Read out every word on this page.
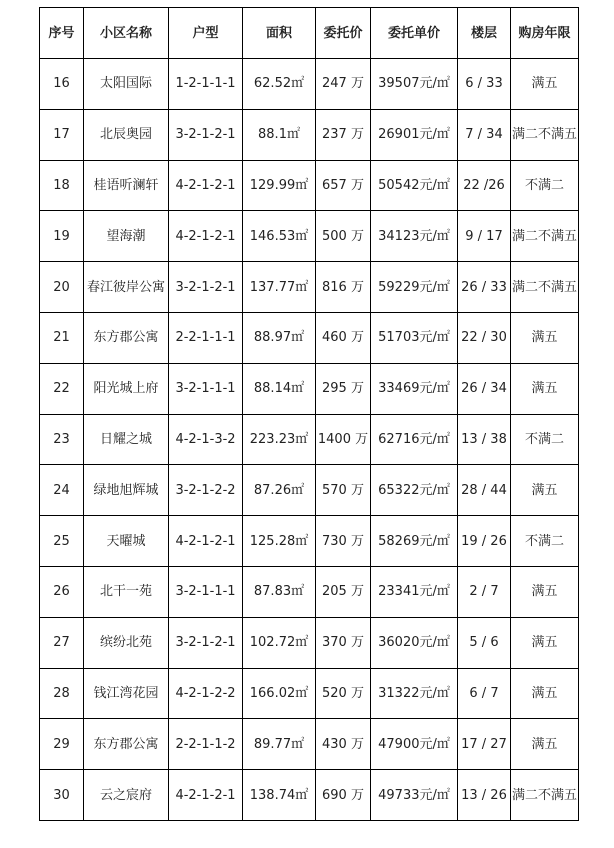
序号	小区名称	户型	面积	委托价	委托单价	楼层	购房年限
16	太阳国际	1-2-1-1-1	62.52㎡	247 万	39507元/㎡	6 / 33	满五
17	北辰奥园	3-2-1-2-1	88.1㎡	237 万	26901元/㎡	7 / 34	满二不满五
18	桂语听澜轩	4-2-1-2-1	129.99㎡	657 万	50542元/㎡	22 /26	不满二
19	望海潮	4-2-1-2-1	146.53㎡	500 万	34123元/㎡	9 / 17	满二不满五
20	春江彼岸公寓	3-2-1-2-1	137.77㎡	816 万	59229元/㎡	26 / 33	满二不满五
21	东方郡公寓	2-2-1-1-1	88.97㎡	460 万	51703元/㎡	22 / 30	满五
22	阳光城上府	3-2-1-1-1	88.14㎡	295 万	33469元/㎡	26 / 34	满五
23	日耀之城	4-2-1-3-2	223.23㎡	1400 万	62716元/㎡	13 / 38	不满二
24	绿地旭辉城	3-2-1-2-2	87.26㎡	570 万	65322元/㎡	28 / 44	满五
25	天曜城	4-2-1-2-1	125.28㎡	730 万	58269元/㎡	19 / 26	不满二
26	北干一苑	3-2-1-1-1	87.83㎡	205 万	23341元/㎡	2 / 7	满五
27	缤纷北苑	3-2-1-2-1	102.72㎡	370 万	36020元/㎡	5 / 6	满五
28	钱江湾花园	4-2-1-2-2	166.02㎡	520 万	31322元/㎡	6 / 7	满五
29	东方郡公寓	2-2-1-1-2	89.77㎡	430 万	47900元/㎡	17 / 27	满五
30	云之宸府	4-2-1-2-1	138.74㎡	690 万	49733元/㎡	13 / 26	满二不满五
